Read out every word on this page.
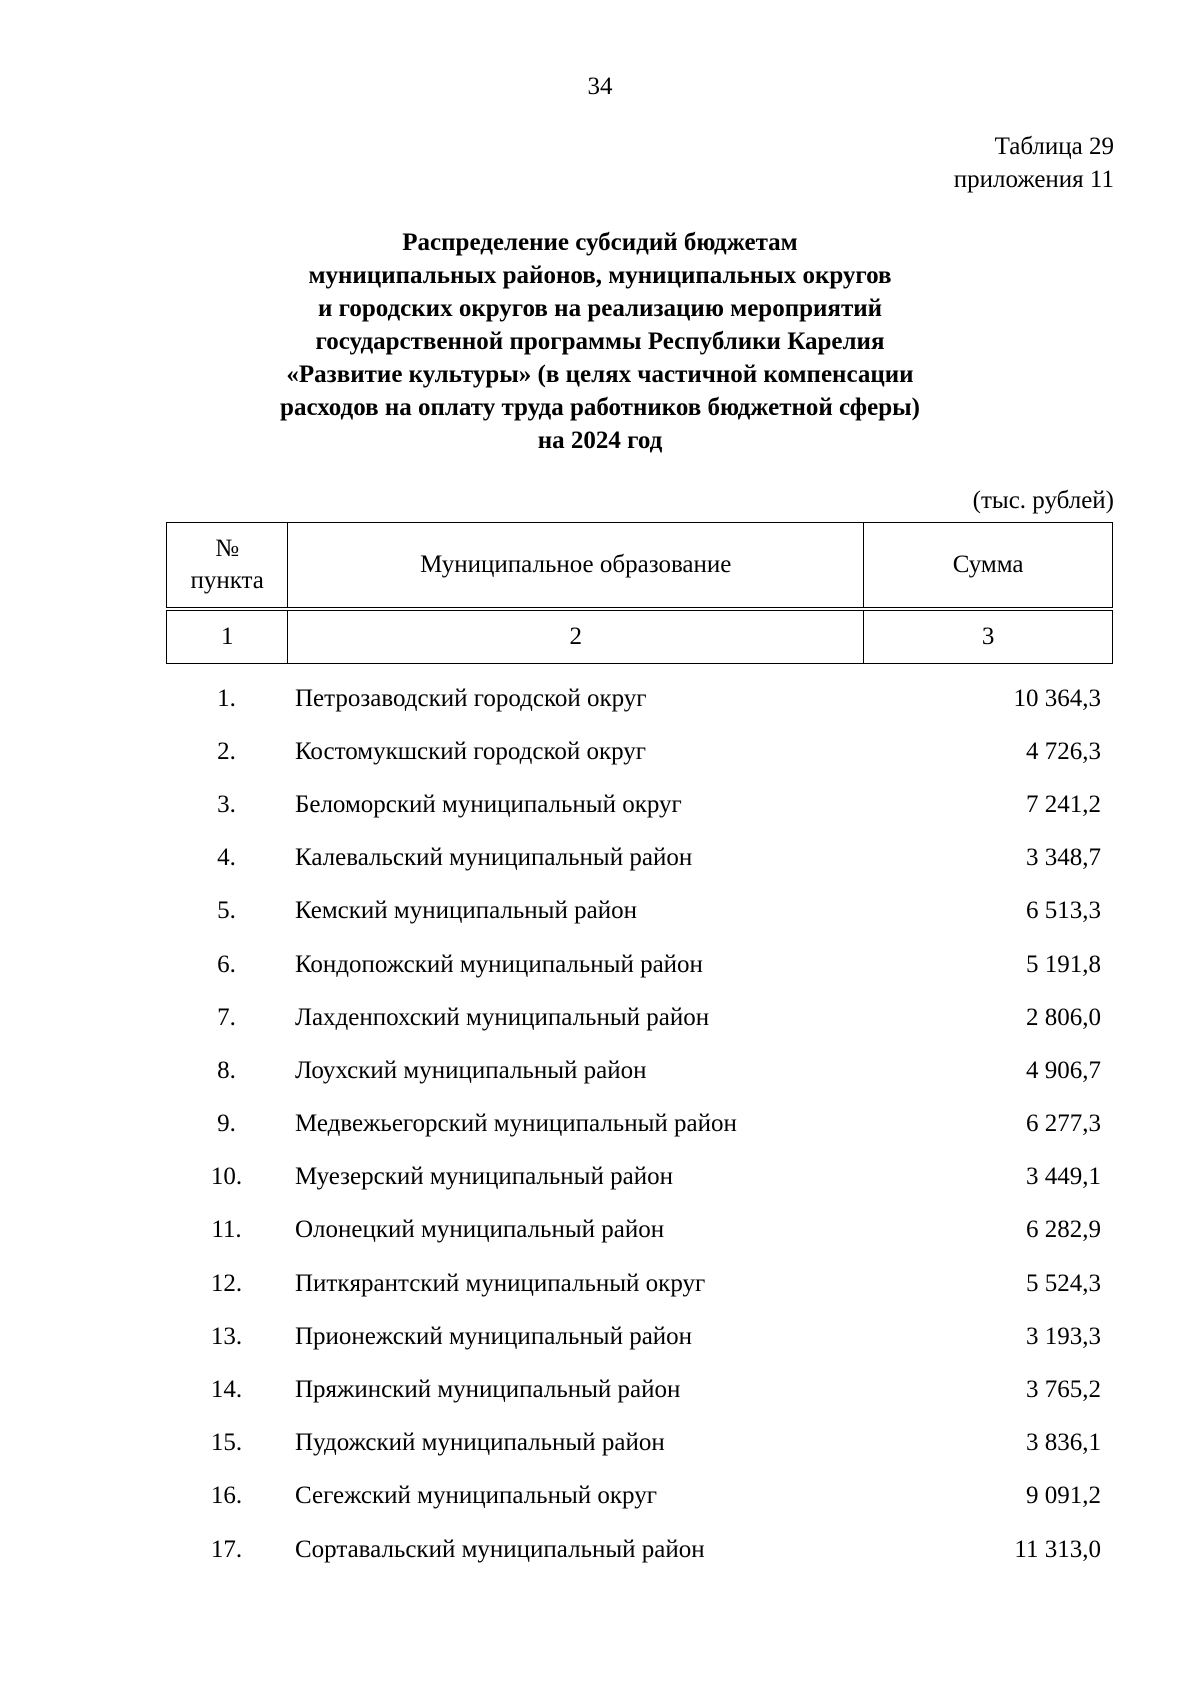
34
Таблица 29
приложения 11
Распределение субсидий бюджетам
муниципальных районов, муниципальных округов
и городских округов на реализацию мероприятий
государственной программы Республики Карелия
«Развитие культуры» (в целях частичной компенсации
расходов на оплату труда работников бюджетной сферы)
на 2024 год
(тыс. рублей)
№
пункта	Муниципальное образование	Сумма

1	2	3
1.	Петрозаводский городской округ	10 364,3
2.	Костомукшский городской округ	4 726,3
3.	Беломорский муниципальный округ	7 241,2
4.	Калевальский муниципальный район	3 348,7
5.	Кемский муниципальный район	6 513,3
6.	Кондопожский муниципальный район	5 191,8
7.	Лахденпохский муниципальный район	2 806,0
8.	Лоухский муниципальный район	4 906,7
9.	Медвежьегорский муниципальный район	6 277,3
10.	Муезерский муниципальный район	3 449,1
11.	Олонецкий муниципальный район	6 282,9
12.	Питкярантский муниципальный округ	5 524,3
13.	Прионежский муниципальный район	3 193,3
14.	Пряжинский муниципальный район	3 765,2
15.	Пудожский муниципальный район	3 836,1
16.	Сегежский муниципальный округ	9 091,2
17.	Сортавальский муниципальный район	11 313,0
